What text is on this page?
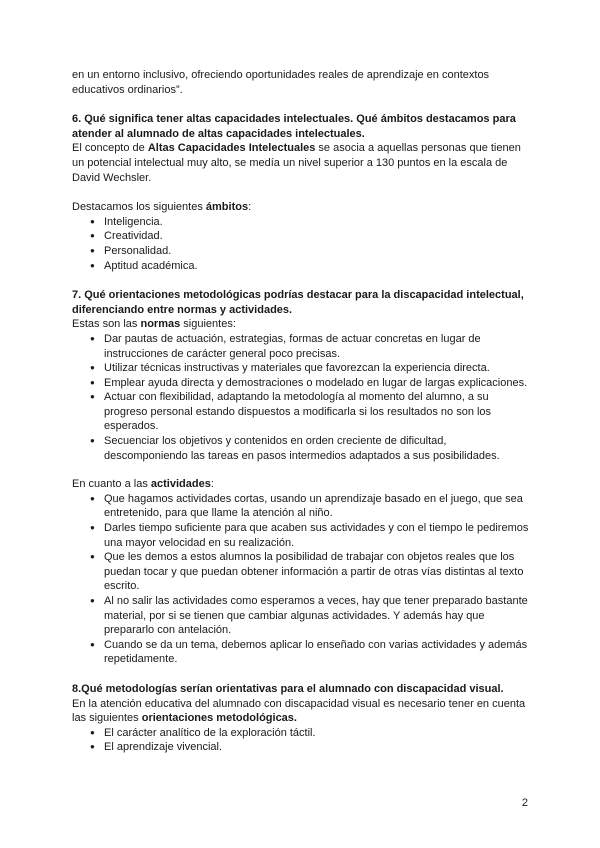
en un entorno inclusivo, ofreciendo oportunidades reales de aprendizaje en contextos educativos ordinarios”.

6. Qué significa tener altas capacidades intelectuales. Qué ámbitos destacamos para atender al alumnado de altas capacidades intelectuales.

El concepto de Altas Capacidades Intelectuales se asocia a aquellas personas que tienen un potencial intelectual muy alto, se medía un nivel superior a 130 puntos en la escala de David Wechsler.

Destacamos los siguientes ámbitos:

● Inteligencia.
● Creatividad.
● Personalidad.
● Aptitud académica.
7. Qué orientaciones metodológicas podrías destacar para la discapacidad intelectual, diferenciando entre normas y actividades.

Estas son las normas siguientes:

● Dar pautas de actuación, estrategias, formas de actuar concretas en lugar de instrucciones de carácter general poco precisas.
● Utilizar técnicas instructivas y materiales que favorezcan la experiencia directa.
● Emplear ayuda directa y demostraciones o modelado en lugar de largas explicaciones.
● Actuar con flexibilidad, adaptando la metodología al momento del alumno, a su progreso personal estando dispuestos a modificarla si los resultados no son los esperados.
● Secuenciar los objetivos y contenidos en orden creciente de dificultad, descomponiendo las tareas en pasos intermedios adaptados a sus posibilidades.

En cuanto a las actividades:

● Que hagamos actividades cortas, usando un aprendizaje basado en el juego, que sea entretenido, para que llame la atención al niño.
● Darles tiempo suficiente para que acaben sus actividades y con el tiempo le pediremos una mayor velocidad en su realización.
● Que les demos a estos alumnos la posibilidad de trabajar con objetos reales que los puedan tocar y que puedan obtener información a partir de otras vías distintas al texto escrito.
● Al no salir las actividades como esperamos a veces, hay que tener preparado bastante material, por si se tienen que cambiar algunas actividades. Y además hay que prepararlo con antelación.
● Cuando se da un tema, debemos aplicar lo enseñado con varias actividades y además repetidamente.
8.Qué metodologías serían orientativas para el alumnado con discapacidad visual.

En la atención educativa del alumnado con discapacidad visual es necesario tener en cuenta las siguientes orientaciones metodológicas.

● El carácter analítico de la exploración táctil.
● El aprendizaje vivencial.
2
